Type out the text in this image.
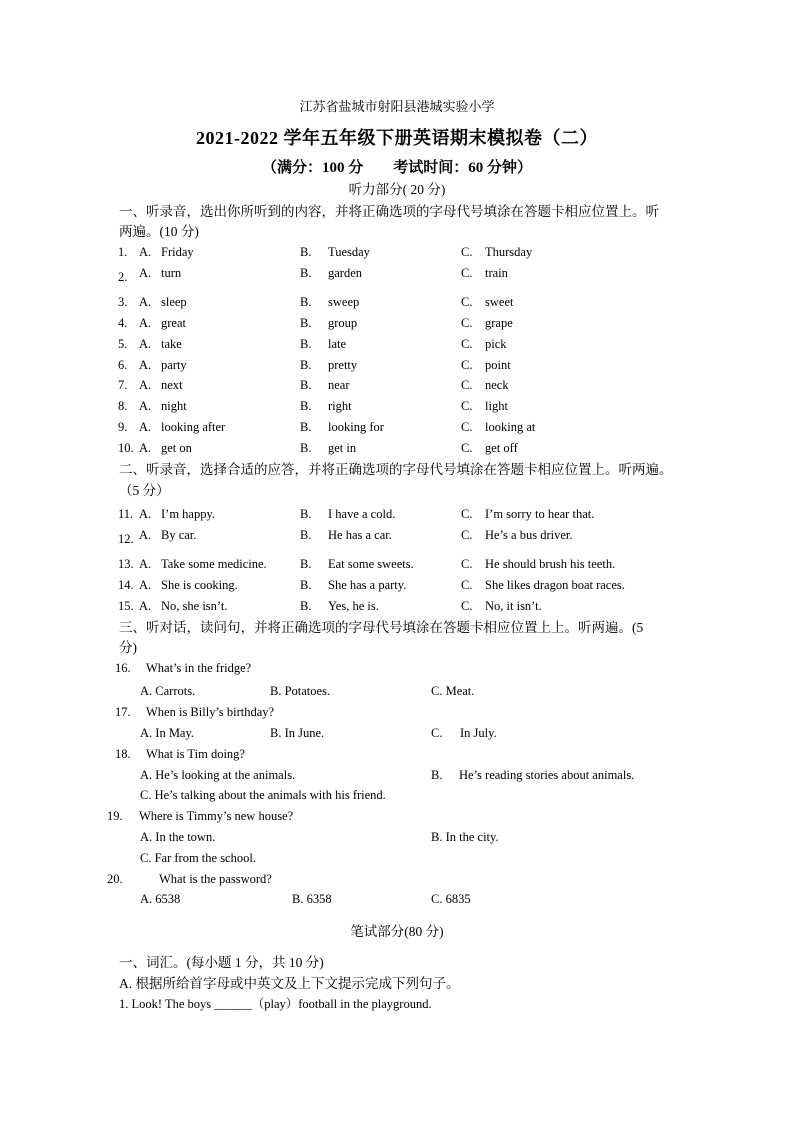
江苏省盐城市射阳县港城实验小学
2021-2022 学年五年级下册英语期末模拟卷（二）
（满分：100 分　　考试时间：60 分钟）
听力部分( 20 分)
一、听录音，选出你所听到的内容，并将正确选项的字母代号填涂在答题卡相应位置上。听
两遍。(10 分)
1. A. Friday	B. Tuesday	C. Thursday
2. A. turn	B. garden	C. train
3. A. sleep	B. sweep	C. sweet
4. A. great	B. group	C. grape
5. A. take	B. late	C. pick
6. A. party	B. pretty	C. point
7. A. next	B. near	C. neck
8. A. night	B. right	C. light
9. A. looking after	B. looking for	C. looking at
10. A. get on	B. get in	C. get off
二、听录音，选择合适的应答，并将正确选项的字母代号填涂在答题卡相应位置上。听两遍。
（5 分）
11. A. I’m happy.	B. I have a cold.	C. I’m sorry to hear that.
12. A. By car.	B. He has a car.	C. He’s a bus driver.
13. A. Take some medicine.	B. Eat some sweets.	C. He should brush his teeth.
14. A. She is cooking.	B. She has a party.	C. She likes dragon boat races.
15. A. No, she isn’t.	B. Yes, he is.	C. No, it isn’t.
三、听对话，读问句，并将正确选项的字母代号填涂在答题卡相应位置上上。听两遍。(5
分)
16. What’s in the fridge?
A. Carrots.	B. Potatoes.	C. Meat.
17. When is Billy’s birthday?
A. In May.	B. In June.	C. In July.
18. What is Tim doing?
A. He’s looking at the animals.	B. He’s reading stories about animals.
C. He’s talking about the animals with his friend.
19. Where is Timmy’s new house?
A. In the town.	B. In the city.
C. Far from the school.
20.	What is the password?
A. 6538	B. 6358	C. 6835
笔试部分(80 分)
一、词汇。(每小题 1 分，共 10 分)
A. 根据所给首字母或中英文及上下文提示完成下列句子。
1. Look! The boys ______（play）football in the playground.
